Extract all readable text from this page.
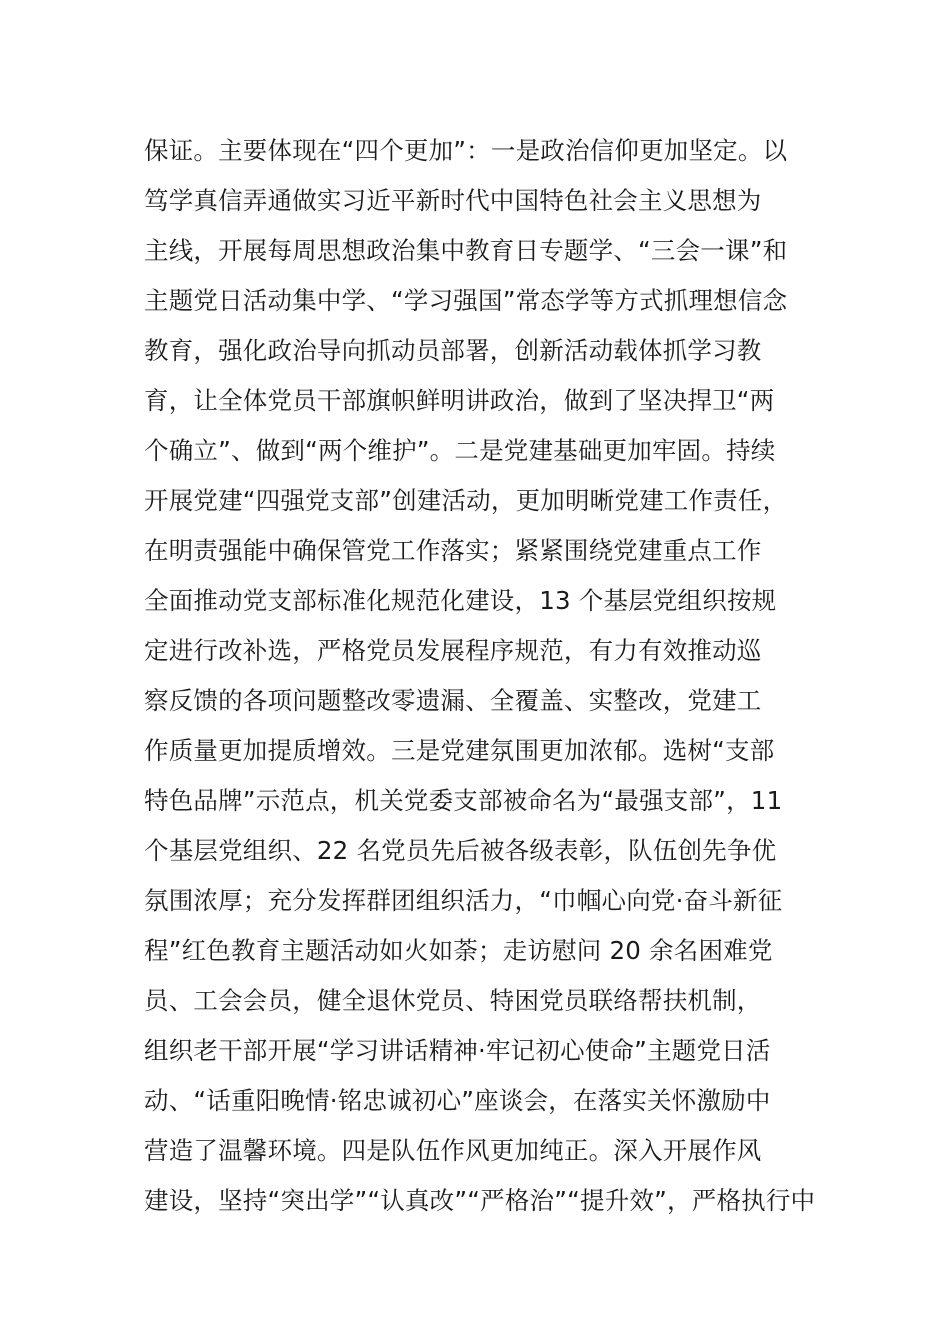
保证。主要体现在“四个更加”：一是政治信仰更加坚定。以
笃学真信弄通做实习近平新时代中国特色社会主义思想为
主线，开展每周思想政治集中教育日专题学、“三会一课”和
主题党日活动集中学、“学习强国”常态学等方式抓理想信念
教育，强化政治导向抓动员部署，创新活动载体抓学习教
育，让全体党员干部旗帜鲜明讲政治，做到了坚决捍卫“两
个确立”、做到“两个维护”。二是党建基础更加牢固。持续
开展党建“四强党支部”创建活动，更加明晰党建工作责任，
在明责强能中确保管党工作落实；紧紧围绕党建重点工作
全面推动党支部标准化规范化建设，13 个基层党组织按规
定进行改补选，严格党员发展程序规范，有力有效推动巡
察反馈的各项问题整改零遗漏、全覆盖、实整改，党建工
作质量更加提质增效。三是党建氛围更加浓郁。选树“支部
特色品牌”示范点，机关党委支部被命名为“最强支部”，11
个基层党组织、22 名党员先后被各级表彰，队伍创先争优
氛围浓厚；充分发挥群团组织活力，“巾帼心向党·奋斗新征
程”红色教育主题活动如火如荼；走访慰问 20 余名困难党
员、工会会员，健全退休党员、特困党员联络帮扶机制，
组织老干部开展“学习讲话精神·牢记初心使命”主题党日活
动、“话重阳晚情·铭忠诚初心”座谈会，在落实关怀激励中
营造了温馨环境。四是队伍作风更加纯正。深入开展作风
建设，坚持“突出学”“认真改”“严格治”“提升效”，严格执行中
